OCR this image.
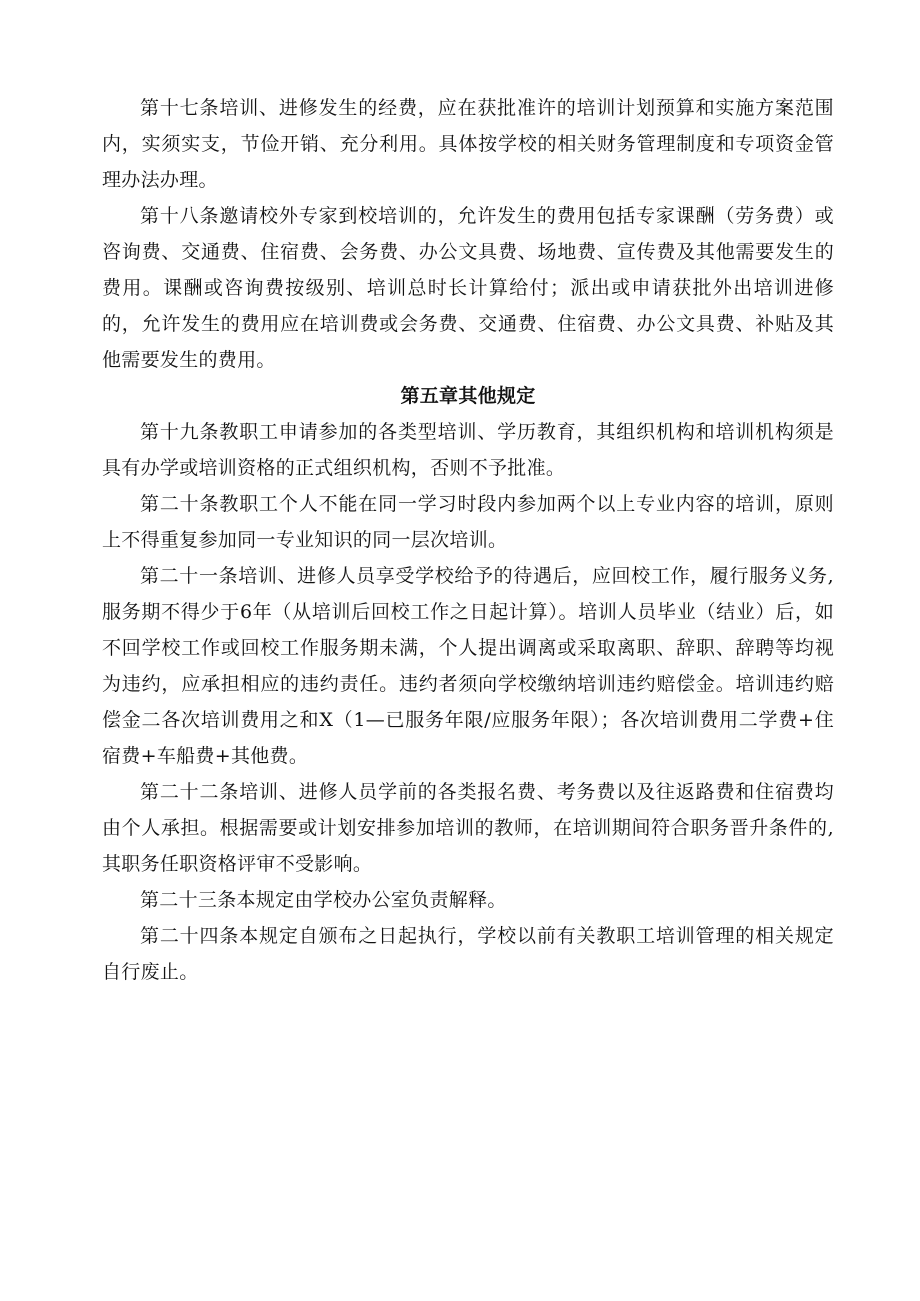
第十七条培训、进修发生的经费，应在获批准许的培训计划预算和实施方案范围内，实须实支，节俭开销、充分利用。具体按学校的相关财务管理制度和专项资金管理办法办理。

第十八条邀请校外专家到校培训的，允许发生的费用包括专家课酬（劳务费）或咨询费、交通费、住宿费、会务费、办公文具费、场地费、宣传费及其他需要发生的费用。课酬或咨询费按级别、培训总时长计算给付；派出或申请获批外出培训进修的，允许发生的费用应在培训费或会务费、交通费、住宿费、办公文具费、补贴及其他需要发生的费用。

第五章其他规定

第十九条教职工申请参加的各类型培训、学历教育，其组织机构和培训机构须是具有办学或培训资格的正式组织机构，否则不予批准。

第二十条教职工个人不能在同一学习时段内参加两个以上专业内容的培训，原则上不得重复参加同一专业知识的同一层次培训。

第二十一条培训、进修人员享受学校给予的待遇后，应回校工作，履行服务义务,服务期不得少于6年（从培训后回校工作之日起计算）。培训人员毕业（结业）后，如不回学校工作或回校工作服务期未满，个人提出调离或采取离职、辞职、辞聘等均视为违约，应承担相应的违约责任。违约者须向学校缴纳培训违约赔偿金。培训违约赔偿金二各次培训费用之和X（1—已服务年限/应服务年限）；各次培训费用二学费+住宿费+车船费+其他费。

第二十二条培训、进修人员学前的各类报名费、考务费以及往返路费和住宿费均由个人承担。根据需要或计划安排参加培训的教师，在培训期间符合职务晋升条件的,其职务任职资格评审不受影响。

第二十三条本规定由学校办公室负责解释。

第二十四条本规定自颁布之日起执行，学校以前有关教职工培训管理的相关规定自行废止。
